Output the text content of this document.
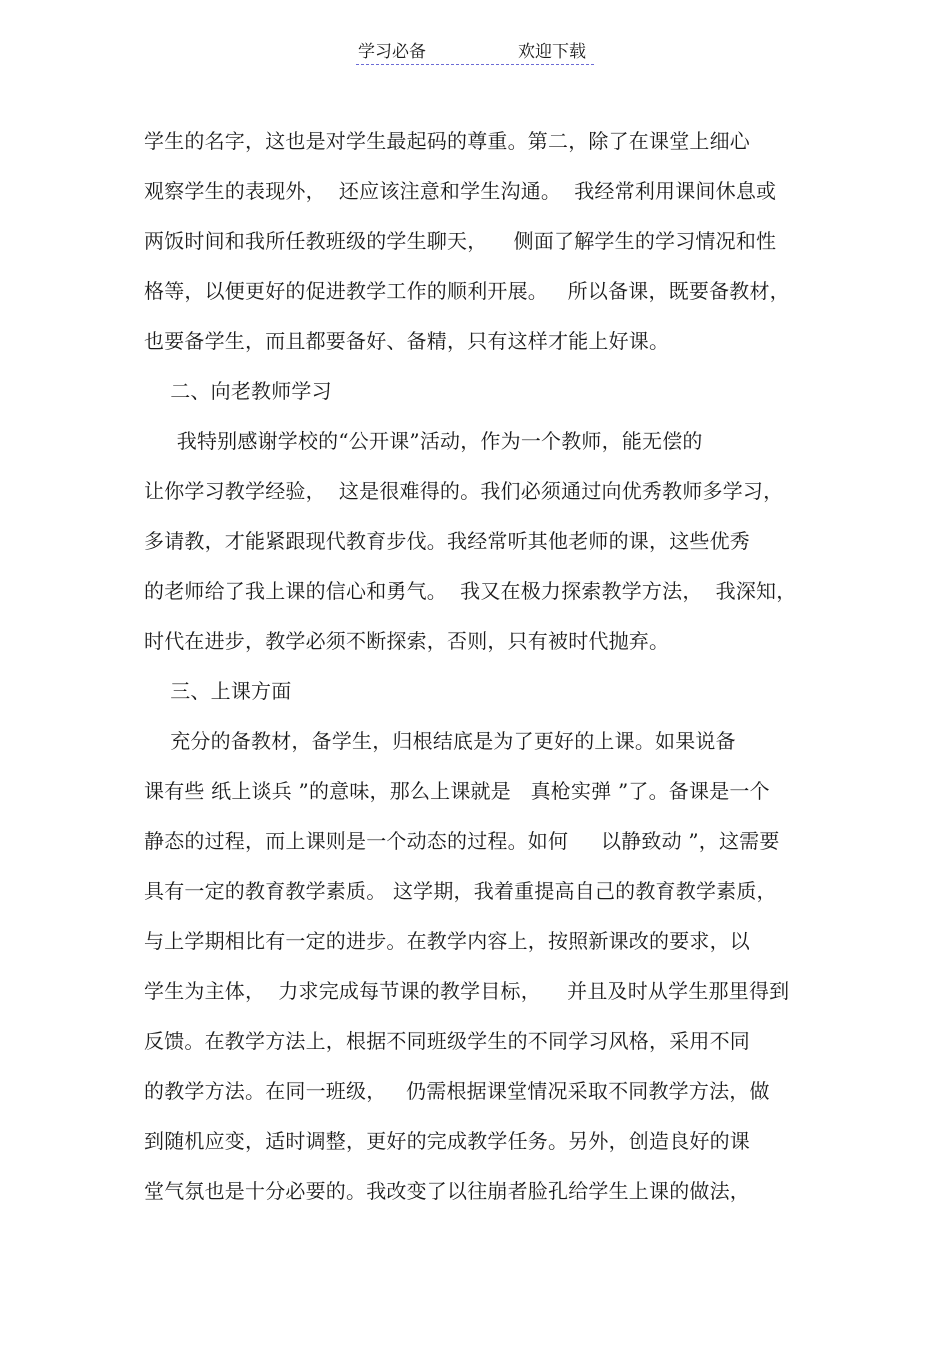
学习必备	欢迎下载
学生的名字，这也是对学生最起码的尊重。第二，除了在课堂上细心
观察学生的表现外，  还应该注意和学生沟通。  我经常利用课间休息或
两饭时间和我所任教班级的学生聊天，    侧面了解学生的学习情况和性
格等，以便更好的促进教学工作的顺利开展。   所以备课，既要备教材，
也要备学生，而且都要备好、备精，只有这样才能上好课。
二、向老教师学习
我特别感谢学校的“公开课”活动，作为一个教师，能无偿的
让你学习教学经验，  这是很难得的。我们必须通过向优秀教师多学习，
多请教，才能紧跟现代教育步伐。我经常听其他老师的课，这些优秀
的老师给了我上课的信心和勇气。  我又在极力探索教学方法，  我深知，
时代在进步，教学必须不断探索，否则，只有被时代抛弃。
三、上课方面
充分的备教材，备学生，归根结底是为了更好的上课。如果说备
课有些 纸上谈兵 ”的意味，那么上课就是   真枪实弹 ”了。备课是一个
静态的过程，而上课则是一个动态的过程。如何     以静致动 ”，这需要
具有一定的教育教学素质。 这学期，我着重提高自己的教育教学素质，
与上学期相比有一定的进步。在教学内容上，按照新课改的要求，以
学生为主体，  力求完成每节课的教学目标，    并且及时从学生那里得到
反馈。在教学方法上，根据不同班级学生的不同学习风格，采用不同
的教学方法。在同一班级，   仍需根据课堂情况采取不同教学方法，做
到随机应变，适时调整，更好的完成教学任务。另外，创造良好的课
堂气氛也是十分必要的。我改变了以往崩者脸孔给学生上课的做法，
